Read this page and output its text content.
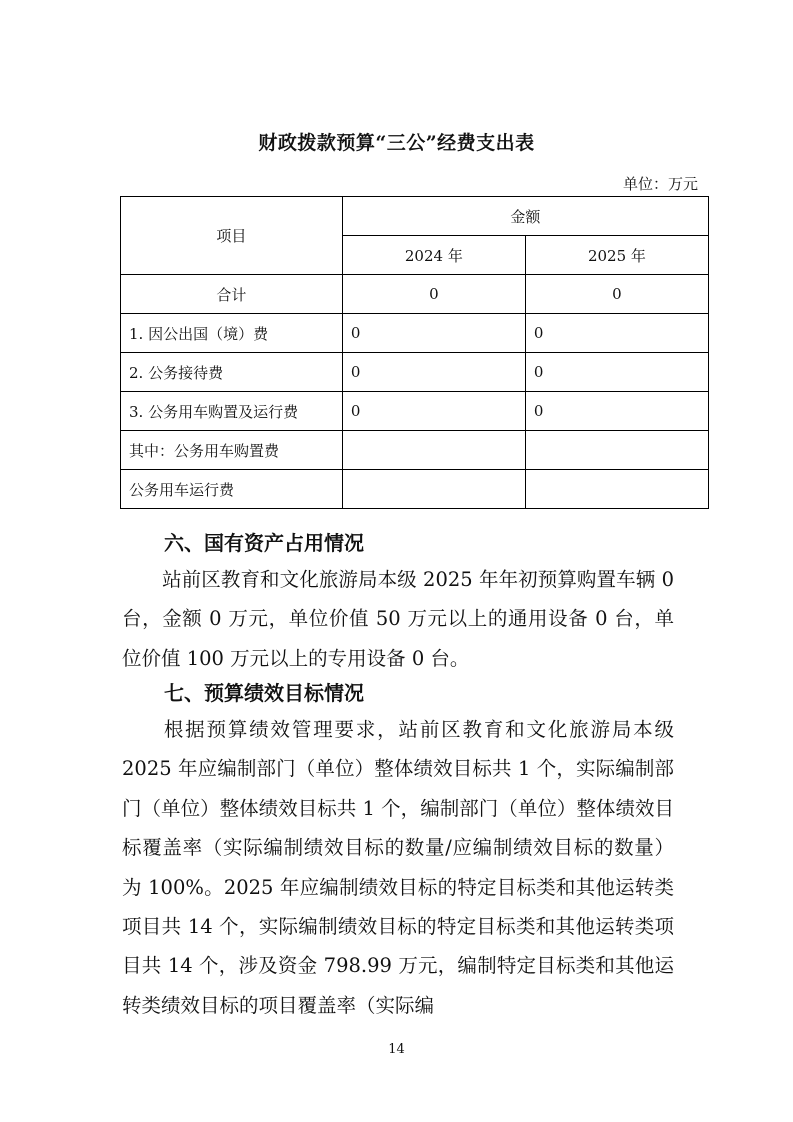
财政拨款预算“三公”经费支出表
单位：万元
项目	金额	
	2024 年	2025 年
合计	0	0
1. 因公出国（境）费	0	0
2. 公务接待费	0	0
3. 公务用车购置及运行费	0	0
其中：公务用车购置费		
公务用车运行费		
六、国有资产占用情况
站前区教育和文化旅游局本级 2025 年年初预算购置车辆 0 台，金额 0 万元，单位价值 50 万元以上的通用设备 0 台，单位价值 100 万元以上的专用设备 0 台。
七、预算绩效目标情况
根据预算绩效管理要求，站前区教育和文化旅游局本级 2025 年应编制部门（单位）整体绩效目标共 1 个，实际编制部门（单位）整体绩效目标共 1 个，编制部门（单位）整体绩效目标覆盖率（实际编制绩效目标的数量/应编制绩效目标的数量）为 100%。2025 年应编制绩效目标的特定目标类和其他运转类项目共 14 个，实际编制绩效目标的特定目标类和其他运转类项目共 14 个，涉及资金 798.99 万元，编制特定目标类和其他运转类绩效目标的项目覆盖率（实际编
14
